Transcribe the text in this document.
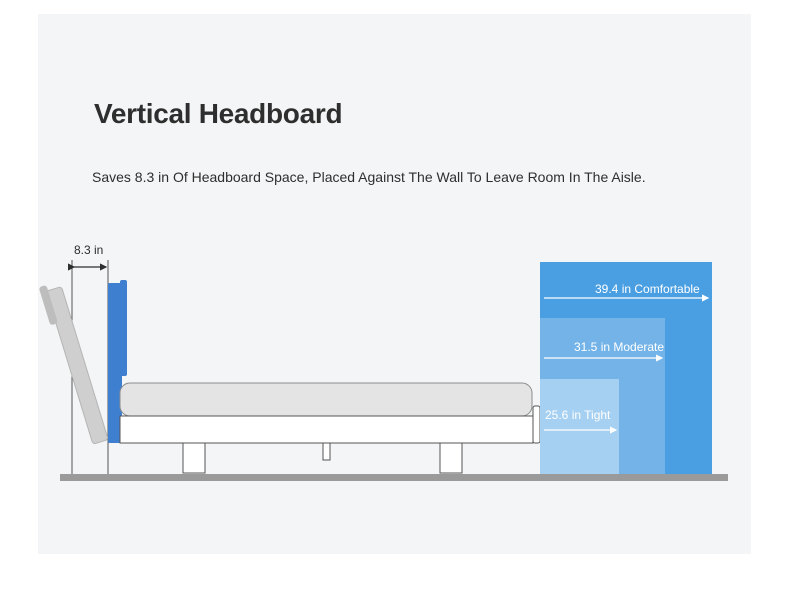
Vertical Headboard
Saves 8.3 in Of Headboard Space, Placed Against The Wall To Leave Room In The Aisle.
8.3 in
39.4 in Comfortable
31.5 in Moderate
25.6 in Tight
